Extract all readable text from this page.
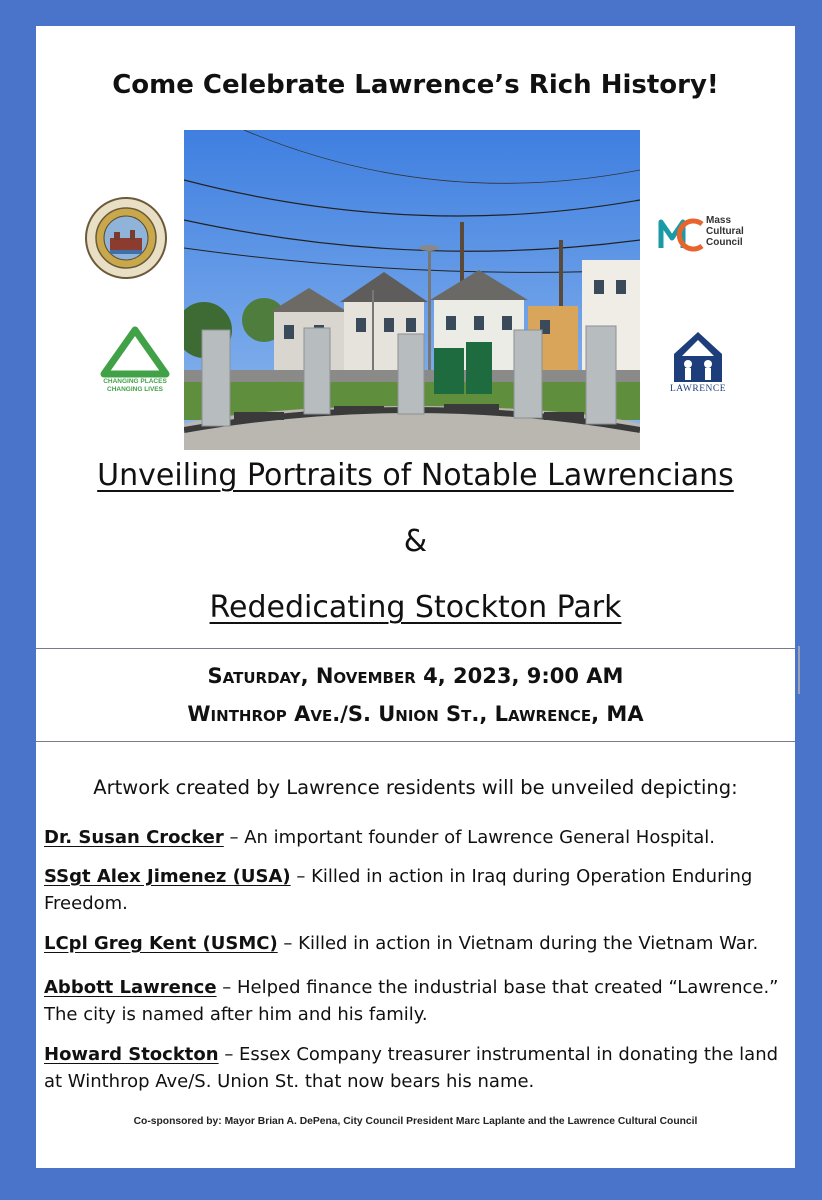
Come Celebrate Lawrence’s Rich History!
Mass Cultural Council
CHANGING PLACES
CHANGING LIVES	LAWRENCE
Unveiling Portraits of Notable Lawrencians
&
Rededicating Stockton Park
Saturday, November 4, 2023, 9:00 AM
Winthrop Ave./S. Union St., Lawrence, MA
Artwork created by Lawrence residents will be unveiled depicting:
Dr. Susan Crocker – An important founder of Lawrence General Hospital.
SSgt Alex Jimenez (USA) – Killed in action in Iraq during Operation Enduring Freedom.
LCpl Greg Kent (USMC) – Killed in action in Vietnam during the Vietnam War.
Abbott Lawrence – Helped finance the industrial base that created “Lawrence.” The city is named after him and his family.
Howard Stockton – Essex Company treasurer instrumental in donating the land at Winthrop Ave/S. Union St. that now bears his name.
Co-sponsored by: Mayor Brian A. DePena, City Council President Marc Laplante and the Lawrence Cultural Council
